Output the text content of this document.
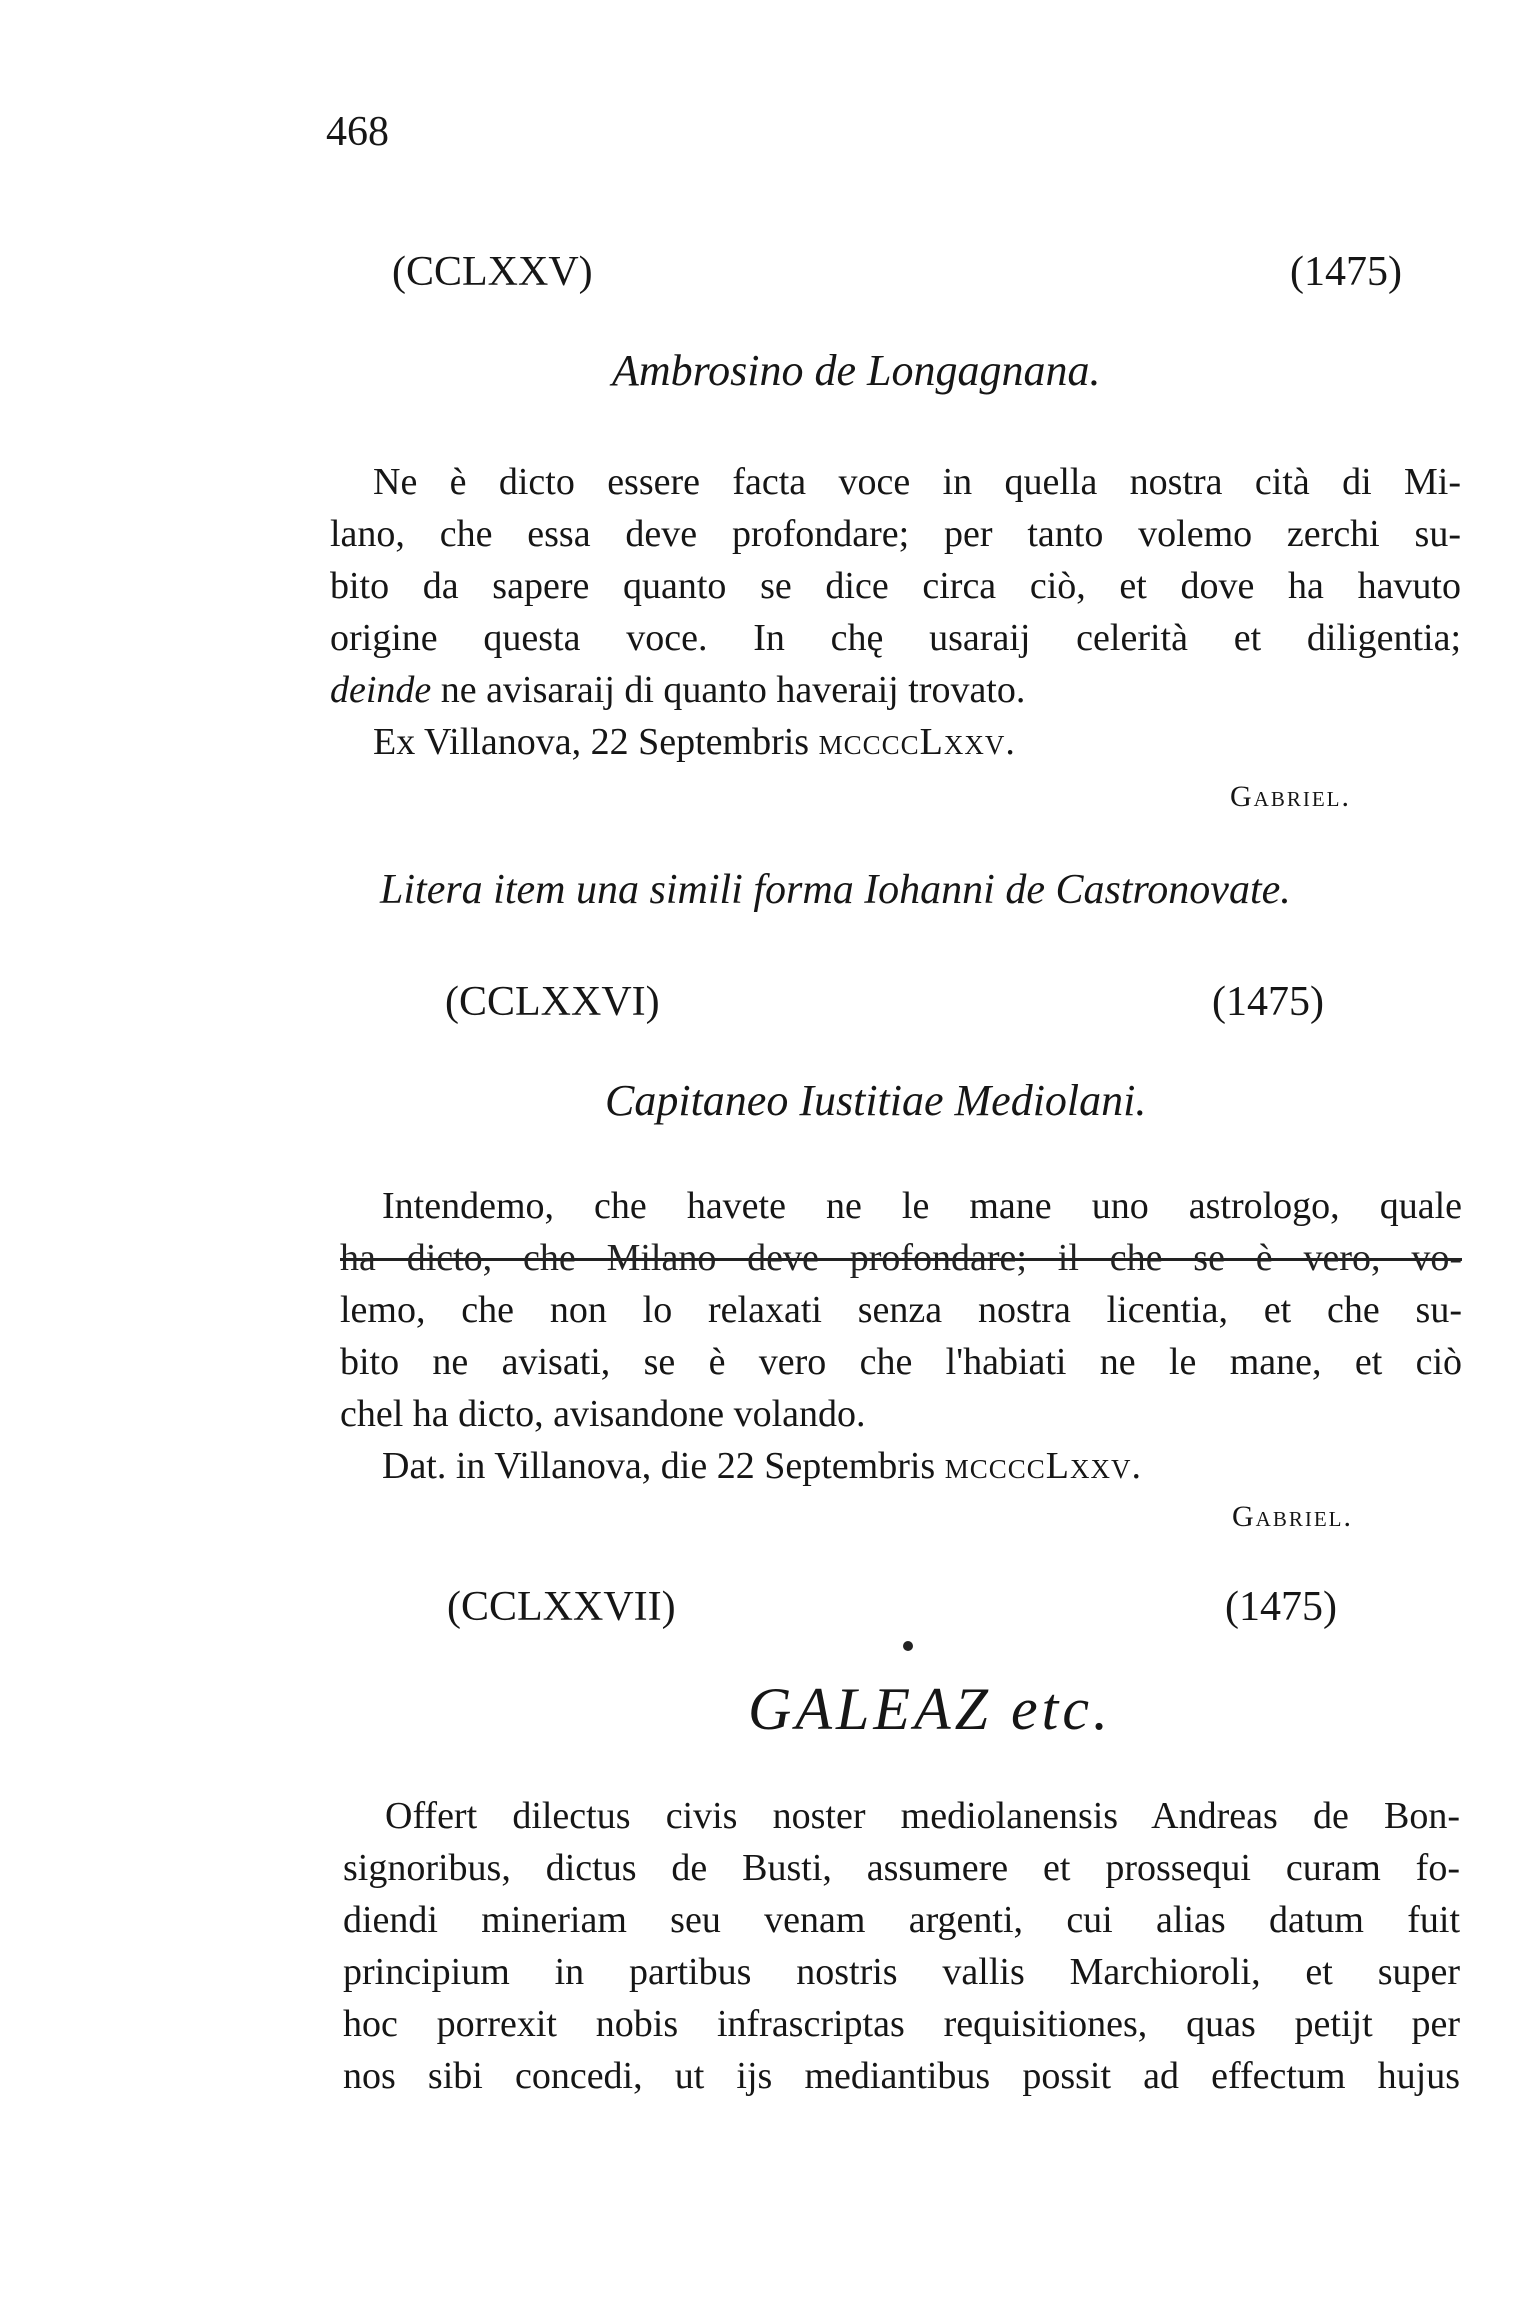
468
(CCLXXV)	(1475)
Ambrosino de Longagnana.
Ne è dicto essere facta voce in quella nostra cità di Mi-
lano, che essa deve profondare; per tanto volemo zerchi su-
bito da sapere quanto se dice circa ciò, et dove ha havuto
origine questa voce. In chę usaraij celerità et diligentia;
deinde ne avisaraij di quanto haveraij trovato.
Ex Villanova, 22 Septembris mccccLxxv.
Gabriel.
Litera item una simili forma Iohanni de Castronovate.
(CCLXXVI)	(1475)
Capitaneo Iustitiae Mediolani.
Intendemo, che havete ne le mane uno astrologo, quale
ha dicto, che Milano deve profondare; il che se è vero, vo-
lemo, che non lo relaxati senza nostra licentia, et che su-
bito ne avisati, se è vero che l'habiati ne le mane, et ciò
chel ha dicto, avisandone volando.
Dat. in Villanova, die 22 Septembris mccccLxxv.
Gabriel.
(CCLXXVII)	(1475)
GALEAZ etc.
Offert dilectus civis noster mediolanensis Andreas de Bon-
signoribus, dictus de Busti, assumere et prossequi curam fo-
diendi mineriam seu venam argenti, cui alias datum fuit
principium in partibus nostris vallis Marchioroli, et super
hoc porrexit nobis infrascriptas requisitiones, quas petijt per
nos sibi concedi, ut ijs mediantibus possit ad effectum hujus
